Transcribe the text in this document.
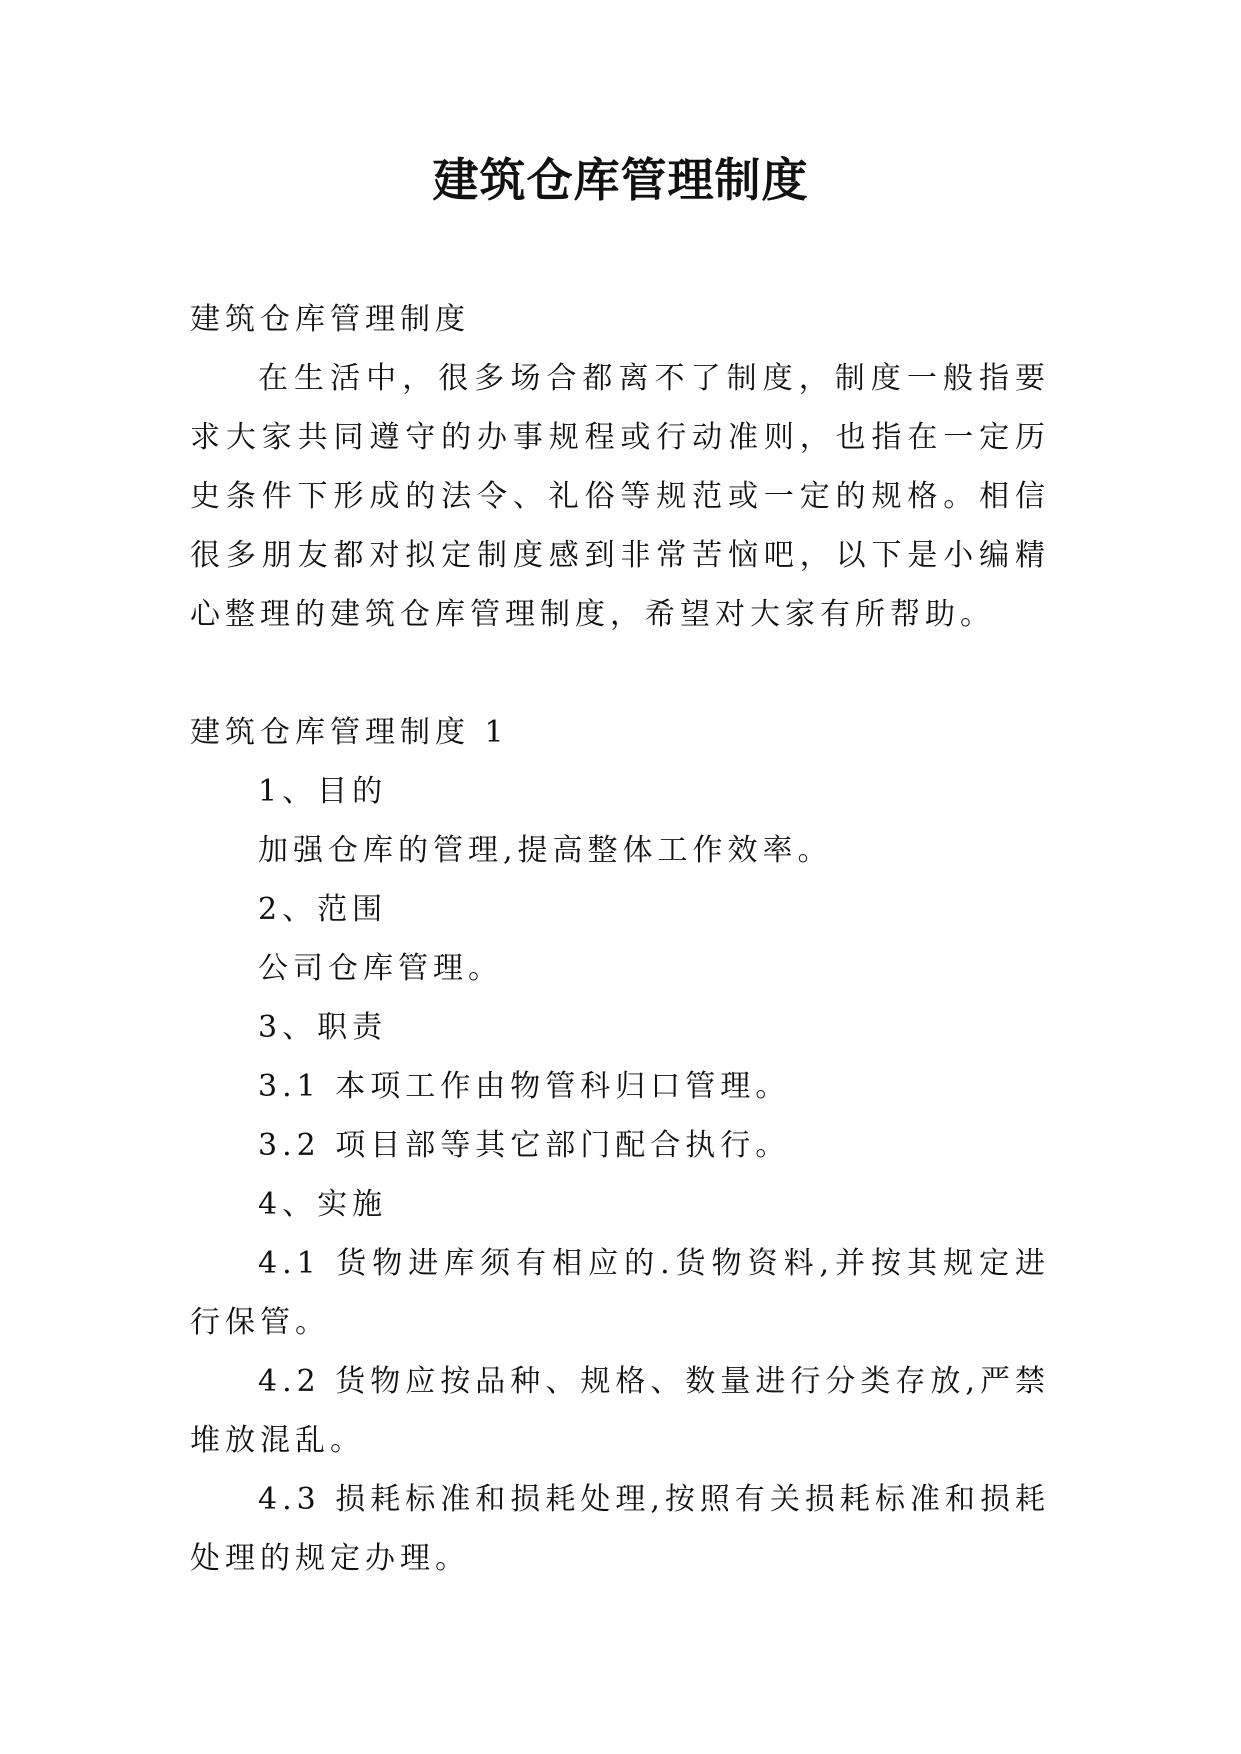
建筑仓库管理制度

建筑仓库管理制度

在生活中，很多场合都离不了制度，制度一般指要求大家共同遵守的办事规程或行动准则，也指在一定历史条件下形成的法令、礼俗等规范或一定的规格。相信很多朋友都对拟定制度感到非常苦恼吧，以下是小编精心整理的建筑仓库管理制度，希望对大家有所帮助。

建筑仓库管理制度 1

1、目的

加强仓库的管理,提高整体工作效率。

2、范围

公司仓库管理。

3、职责

3.1 本项工作由物管科归口管理。

3.2 项目部等其它部门配合执行。

4、实施

4.1 货物进库须有相应的.货物资料,并按其规定进行保管。

4.2 货物应按品种、规格、数量进行分类存放,严禁堆放混乱。

4.3 损耗标准和损耗处理,按照有关损耗标准和损耗处理的规定办理。
